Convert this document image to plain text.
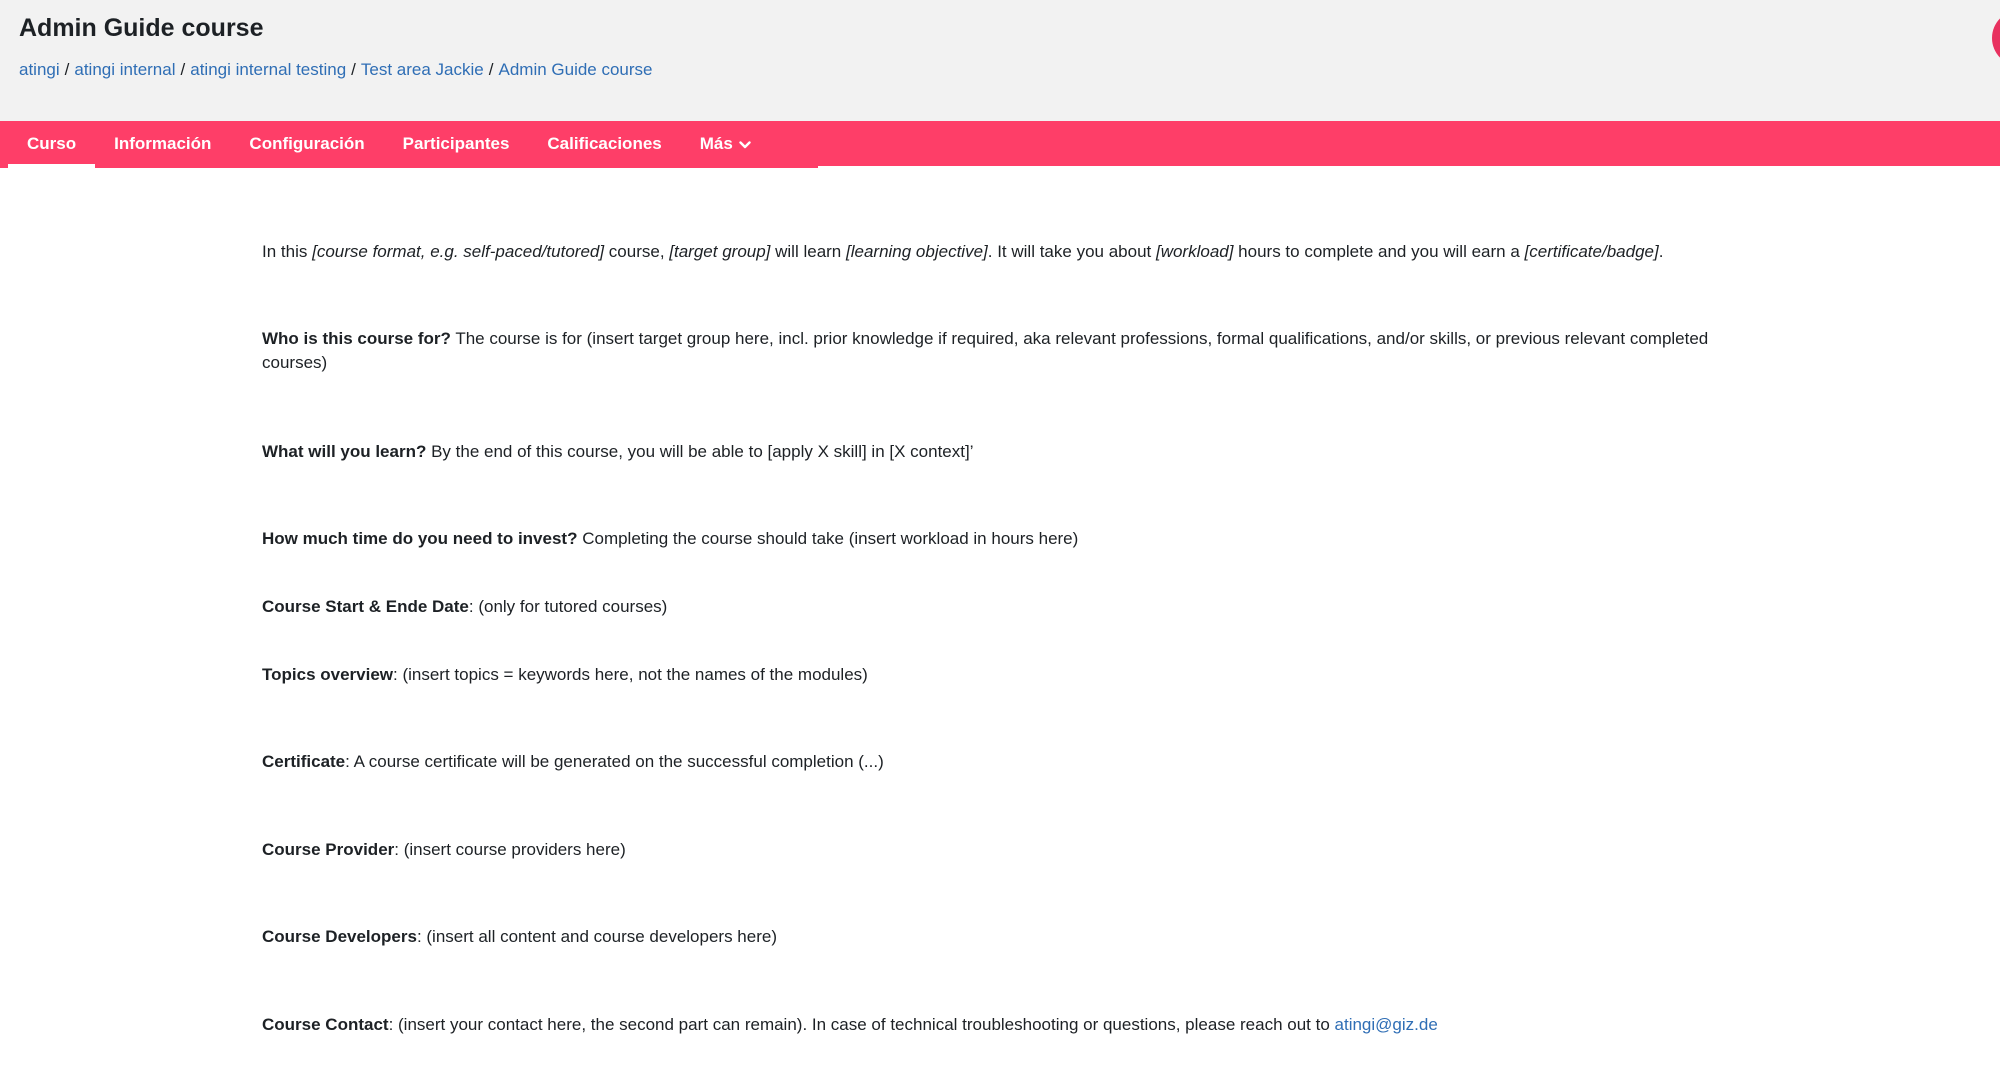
Admin Guide course
atingi / atingi internal / atingi internal testing / Test area Jackie / Admin Guide course
Curso	Información	Configuración	Participantes	Calificaciones	Más

In this [course format, e.g. self-paced/tutored] course, [target group] will learn [learning objective]. It will take you about [workload] hours to complete and you will earn a [certificate/badge].

Who is this course for? The course is for (insert target group here, incl. prior knowledge if required, aka relevant professions, formal qualifications, and/or skills, or previous relevant completed courses)

What will you learn? By the end of this course, you will be able to [apply X skill] in [X context]’

How much time do you need to invest? Completing the course should take (insert workload in hours here)

Course Start & Ende Date: (only for tutored courses)

Topics overview: (insert topics = keywords here, not the names of the modules)

Certificate: A course certificate will be generated on the successful completion (...)

Course Provider: (insert course providers here)

Course Developers: (insert all content and course developers here)

Course Contact: (insert your contact here, the second part can remain). In case of technical troubleshooting or questions, please reach out to atingi@giz.de
